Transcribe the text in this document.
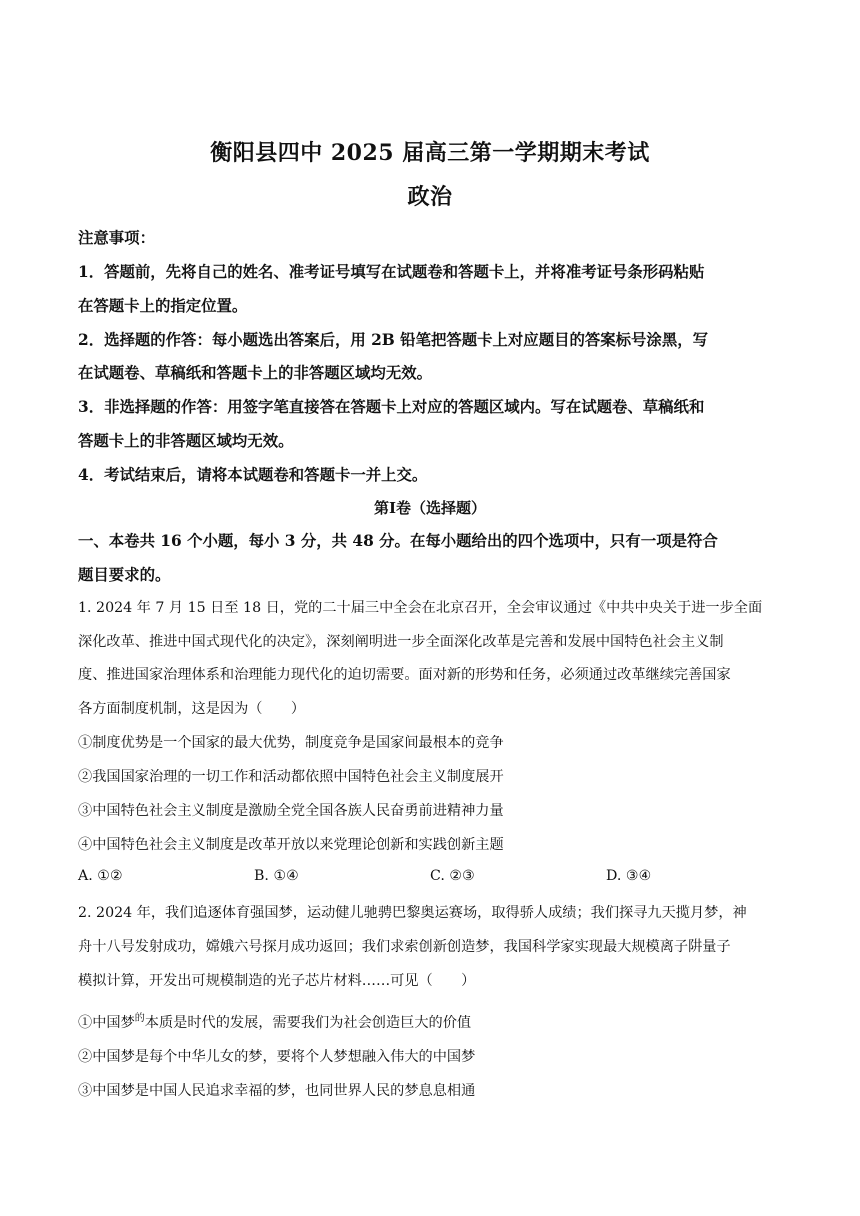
衡阳县四中 2025 届高三第一学期期末考试
政治
注意事项：
1．答题前，先将自己的姓名、准考证号填写在试题卷和答题卡上，并将准考证号条形码粘贴
在答题卡上的指定位置。
2．选择题的作答：每小题选出答案后，用 2B 铅笔把答题卡上对应题目的答案标号涂黑，写
在试题卷、草稿纸和答题卡上的非答题区域均无效。
3．非选择题的作答：用签字笔直接答在答题卡上对应的答题区域内。写在试题卷、草稿纸和
答题卡上的非答题区域均无效。
4．考试结束后，请将本试题卷和答题卡一并上交。
第Ⅰ卷（选择题）
一、本卷共 16 个小题，每小 3 分，共 48 分。在每小题给出的四个选项中，只有一项是符合
题目要求的。
1. 2024 年 7 月 15 日至 18 日，党的二十届三中全会在北京召开，全会审议通过《中共中央关于进一步全面
深化改革、推进中国式现代化的决定》，深刻阐明进一步全面深化改革是完善和发展中国特色社会主义制
度、推进国家治理体系和治理能力现代化的迫切需要。面对新的形势和任务，必须通过改革继续完善国家
各方面制度机制，这是因为（　　）
①制度优势是一个国家的最大优势，制度竞争是国家间最根本的竞争
②我国国家治理的一切工作和活动都依照中国特色社会主义制度展开
③中国特色社会主义制度是激励全党全国各族人民奋勇前进精神力量
④中国特色社会主义制度是改革开放以来党理论创新和实践创新主题
A. ①②	B. ①④	C. ②③	D. ③④
2. 2024 年，我们追逐体育强国梦，运动健儿驰骋巴黎奥运赛场，取得骄人成绩；我们探寻九天揽月梦，神
舟十八号发射成功，嫦娥六号探月成功返回；我们求索创新创造梦，我国科学家实现最大规模离子阱量子
模拟计算，开发出可规模制造的光子芯片材料……可见（　　）
①中国梦$^的$本质是时代的发展，需要我们为社会创造巨大的价值
②中国梦是每个中华儿女的梦，要将个人梦想融入伟大的中国梦
③中国梦是中国人民追求幸福的梦，也同世界人民的梦息息相通
